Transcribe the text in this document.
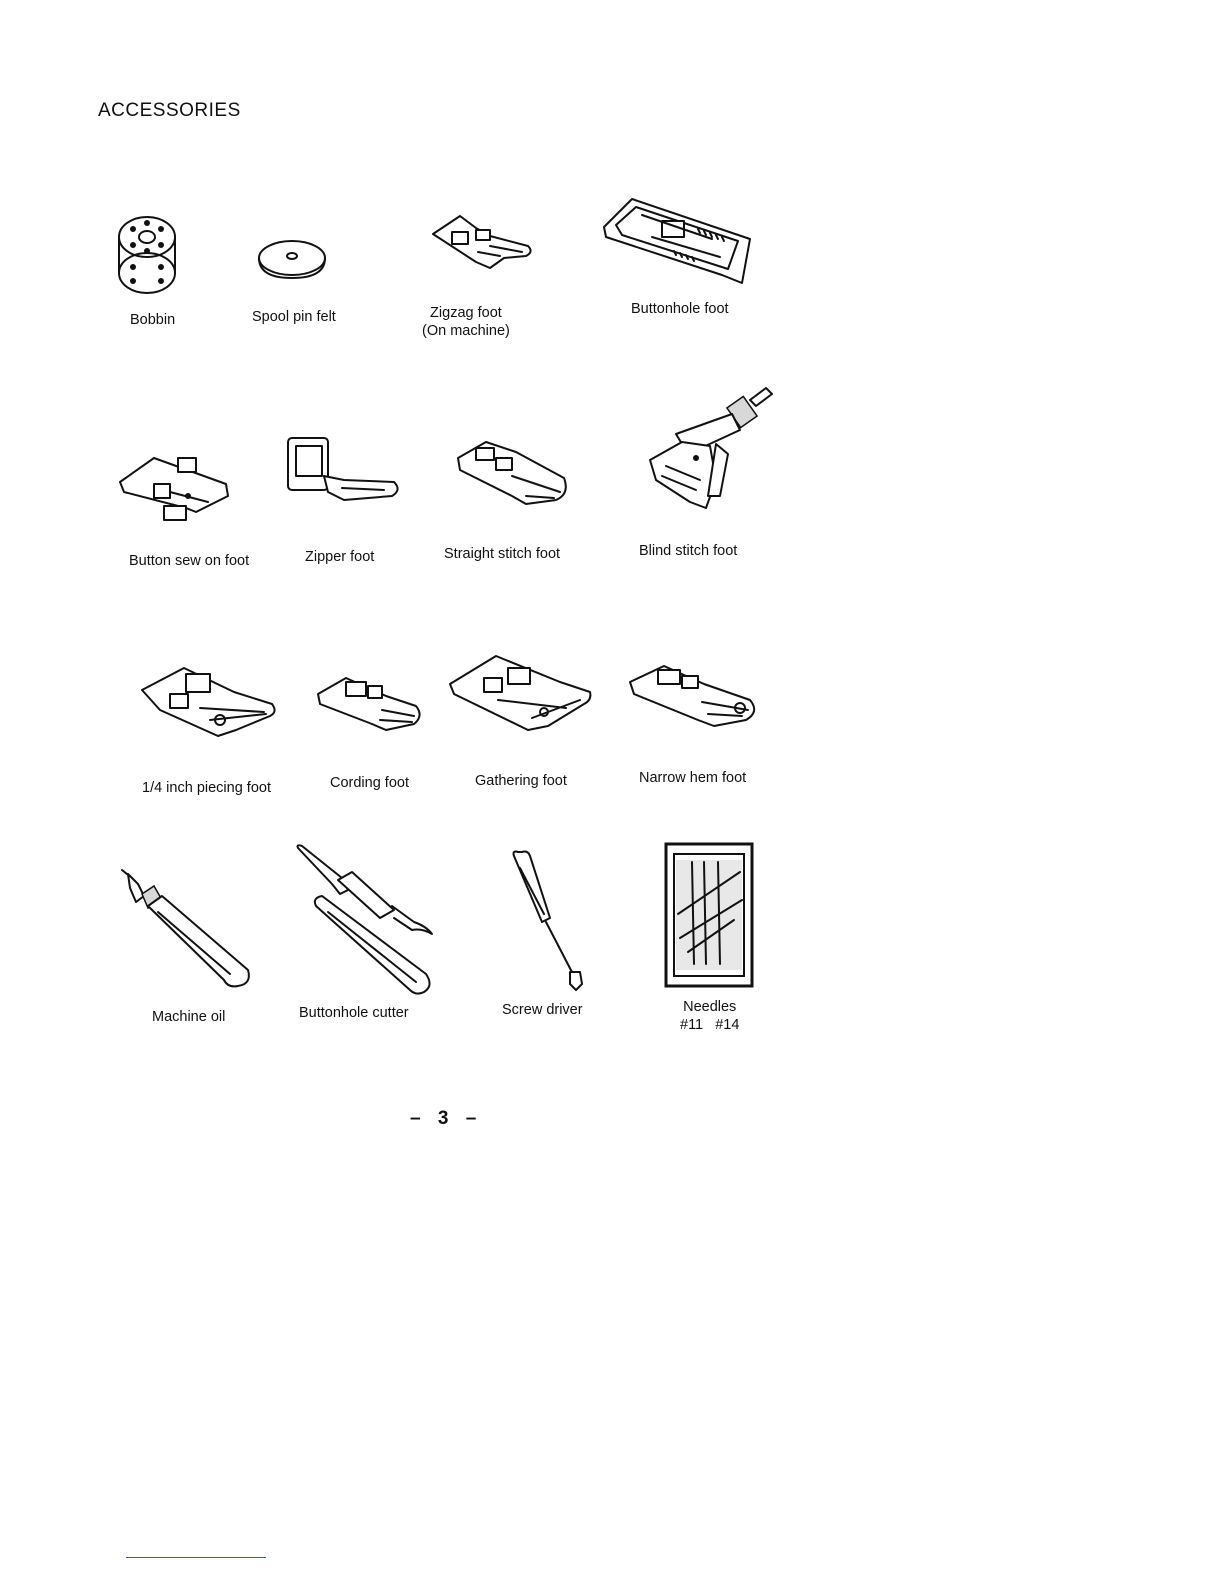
ACCESSORIES
Bobbin	Spool pin felt	Zigzag foot
(On machine)
Buttonhole foot
Button sew on foot	Zipper foot	Straight stitch foot	Blind stitch foot
1/4 inch piecing foot	Cording foot	Gathering foot	Narrow hem foot
Machine oil	Buttonhole cutter	Screw driver	Needles
#11   #14
– 3 –
